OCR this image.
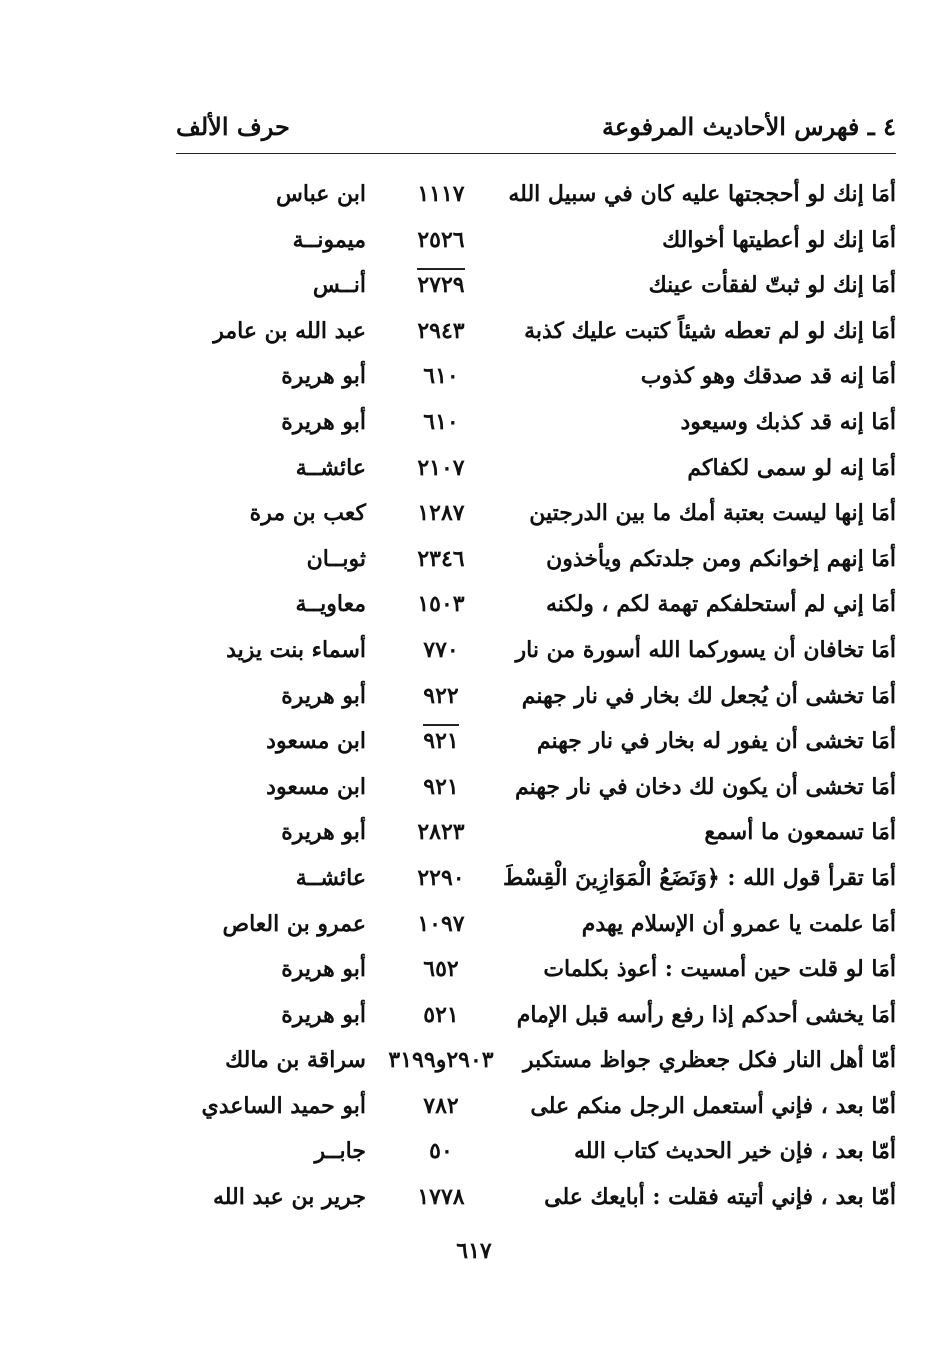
٤ ـ فهرس الأحاديث المرفوعة
حرف الألف
أمَا إنك لو أحججتها عليه كان في سبيل الله
١١١٧
ابن عباس
أمَا إنك لو أعطيتها أخوالك
٢٥٢٦
ميمونــة
أمَا إنك لو ثبتّ لفقأت عينك
٢٧٢٩
أنــس
أمَا إنك لو لم تعطه شيئاً كتبت عليك كذبة
٢٩٤٣
عبد الله بن عامر
أمَا إنه قد صدقك وهو كذوب
٦١٠
أبو هريرة
أمَا إنه قد كذبك وسيعود
٦١٠
أبو هريرة
أمَا إنه لو سمى لكفاكم
٢١٠٧
عائشــة
أمَا إنها ليست بعتبة أمك ما بين الدرجتين
١٢٨٧
كعب بن مرة
أمَا إنهم إخوانكم ومن جلدتكم ويأخذون
٢٣٤٦
ثوبــان
أمَا إني لم أستحلفكم تهمة لكم ، ولكنه
١٥٠٣
معاويــة
أمَا تخافان أن يسوركما الله أسورة من نار
٧٧٠
أسماء بنت يزيد
أمَا تخشى أن يُجعل لك بخار في نار جهنم
٩٢٢
أبو هريرة
أمَا تخشى أن يفور له بخار في نار جهنم
٩٢١
ابن مسعود
أمَا تخشى أن يكون لك دخان في نار جهنم
٩٢١
ابن مسعود
أمَا تسمعون ما أسمع
٢٨٢٣
أبو هريرة
أمَا تقرأ قول الله : ﴿وَنَضَعُ الْمَوَازِينَ الْقِسْطَ
٢٢٩٠
عائشــة
أمَا علمت يا عمرو أن الإسلام يهدم
١٠٩٧
عمرو بن العاص
أمَا لو قلت حين أمسيت : أعوذ بكلمات
٦٥٢
أبو هريرة
أمَا يخشى أحدكم إذا رفع رأسه قبل الإمام
٥٢١
أبو هريرة
أمّا أهل النار فكل جعظري جواظ مستكبر
٢٩٠٣و٣١٩٩
سراقة بن مالك
أمّا بعد ، فإني أستعمل الرجل منكم على
٧٨٢
أبو حميد الساعدي
أمّا بعد ، فإن خير الحديث كتاب الله
٥٠
جابــر
أمّا بعد ، فإني أتيته فقلت : أبايعك على
١٧٧٨
جرير بن عبد الله
٦١٧
